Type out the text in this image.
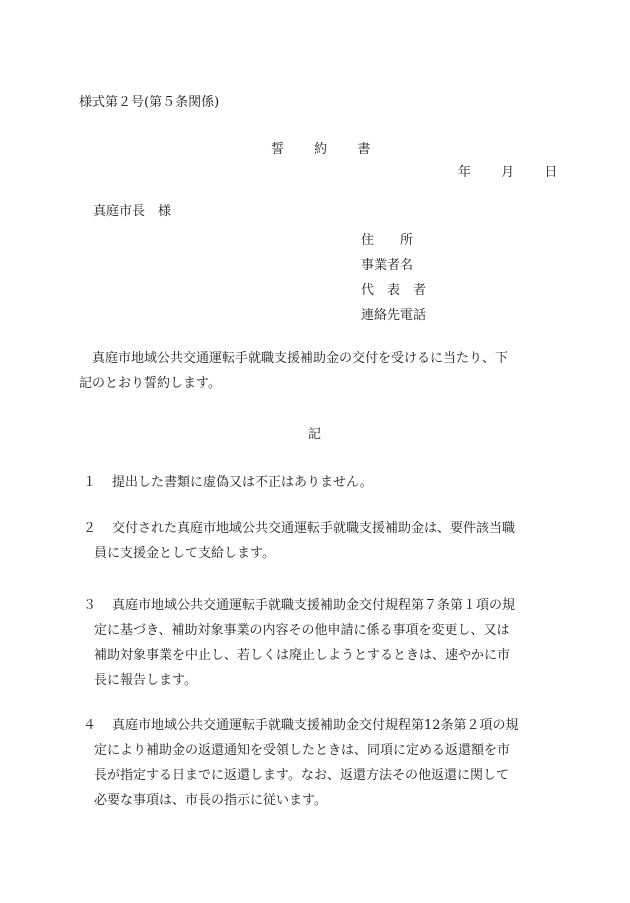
様式第２号(第５条関係)
誓 約 書
年 月 日
真庭市長　様
住　　所
事業者名
代　表　者
連絡先電話
真庭市地域公共交通運転手就職支援補助金の交付を受けるに当たり、下
記のとおり誓約します。
記
１ 提出した書類に虚偽又は不正はありません。
２ 交付された真庭市地域公共交通運転手就職支援補助金は、要件該当職
員に支援金として支給します。
３ 真庭市地域公共交通運転手就職支援補助金交付規程第７条第１項の規
定に基づき、補助対象事業の内容その他申請に係る事項を変更し、又は
補助対象事業を中止し、若しくは廃止しようとするときは、速やかに市
長に報告します。
４ 真庭市地域公共交通運転手就職支援補助金交付規程第12条第２項の規
定により補助金の返還通知を受領したときは、同項に定める返還額を市
長が指定する日までに返還します。なお、返還方法その他返還に関して
必要な事項は、市長の指示に従います。
